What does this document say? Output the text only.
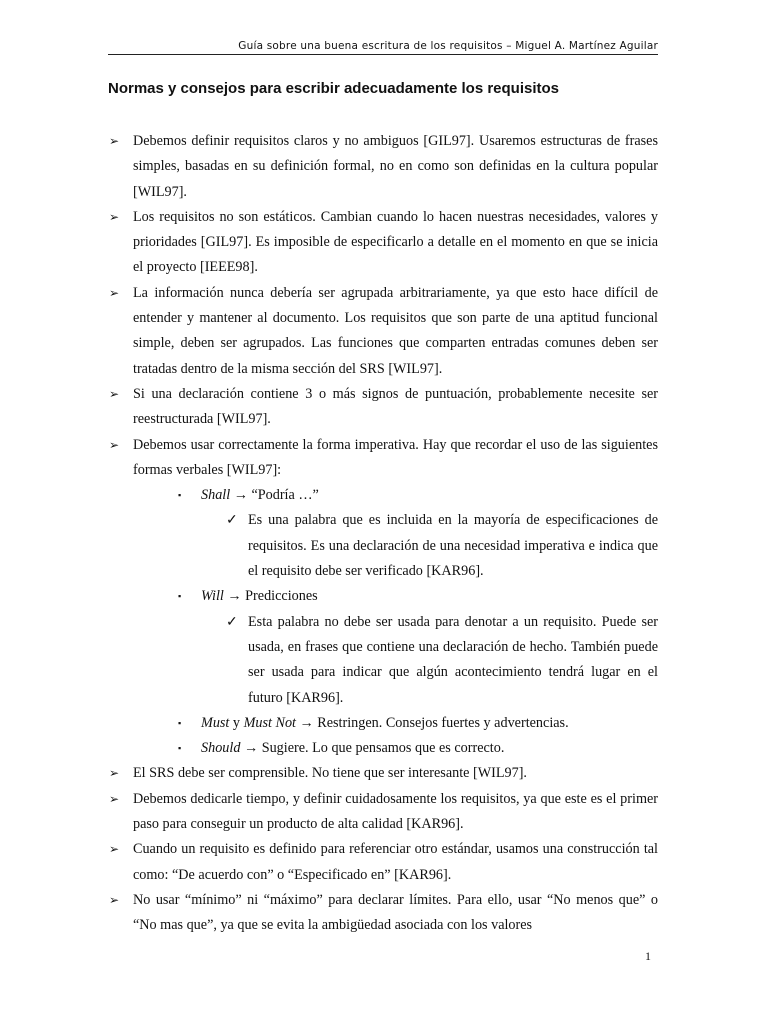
Guía sobre una buena escritura de los requisitos – Miguel A. Martínez Aguilar
Normas y consejos para escribir adecuadamente los requisitos
➢ Debemos definir requisitos claros y no ambiguos [GIL97]. Usaremos estructuras de frases simples, basadas en su definición formal, no en como son definidas en la cultura popular [WIL97].
➢ Los requisitos no son estáticos. Cambian cuando lo hacen nuestras necesidades, valores y prioridades [GIL97]. Es imposible de especificarlo a detalle en el momento en que se inicia el proyecto [IEEE98].
➢ La información nunca debería ser agrupada arbitrariamente, ya que esto hace difícil de entender y mantener al documento. Los requisitos que son parte de una aptitud funcional simple, deben ser agrupados. Las funciones que comparten entradas comunes deben ser tratadas dentro de la misma sección del SRS [WIL97].
➢ Si una declaración contiene 3 o más signos de puntuación, probablemente necesite ser reestructurada [WIL97].
➢ Debemos usar correctamente la forma imperativa. Hay que recordar el uso de las siguientes formas verbales [WIL97]:
▪ Shall → “Podría …”
✓ Es una palabra que es incluida en la mayoría de especificaciones de requisitos. Es una declaración de una necesidad imperativa e indica que el requisito debe ser verificado [KAR96].
▪ Will → Predicciones
✓ Esta palabra no debe ser usada para denotar a un requisito. Puede ser usada, en frases que contiene una declaración de hecho. También puede ser usada para indicar que algún acontecimiento tendrá lugar en el futuro [KAR96].
▪ Must y Must Not → Restringen. Consejos fuertes y advertencias.
▪ Should → Sugiere. Lo que pensamos que es correcto.
➢ El SRS debe ser comprensible. No tiene que ser interesante [WIL97].
➢ Debemos dedicarle tiempo, y definir cuidadosamente los requisitos, ya que este es el primer paso para conseguir un producto de alta calidad [KAR96].
➢ Cuando un requisito es definido para referenciar otro estándar, usamos una construcción tal como: “De acuerdo con” o “Especificado en” [KAR96].
➢ No usar “mínimo” ni “máximo” para declarar límites. Para ello, usar “No menos que” o “No mas que”, ya que se evita la ambigüedad asociada con los valores
1
